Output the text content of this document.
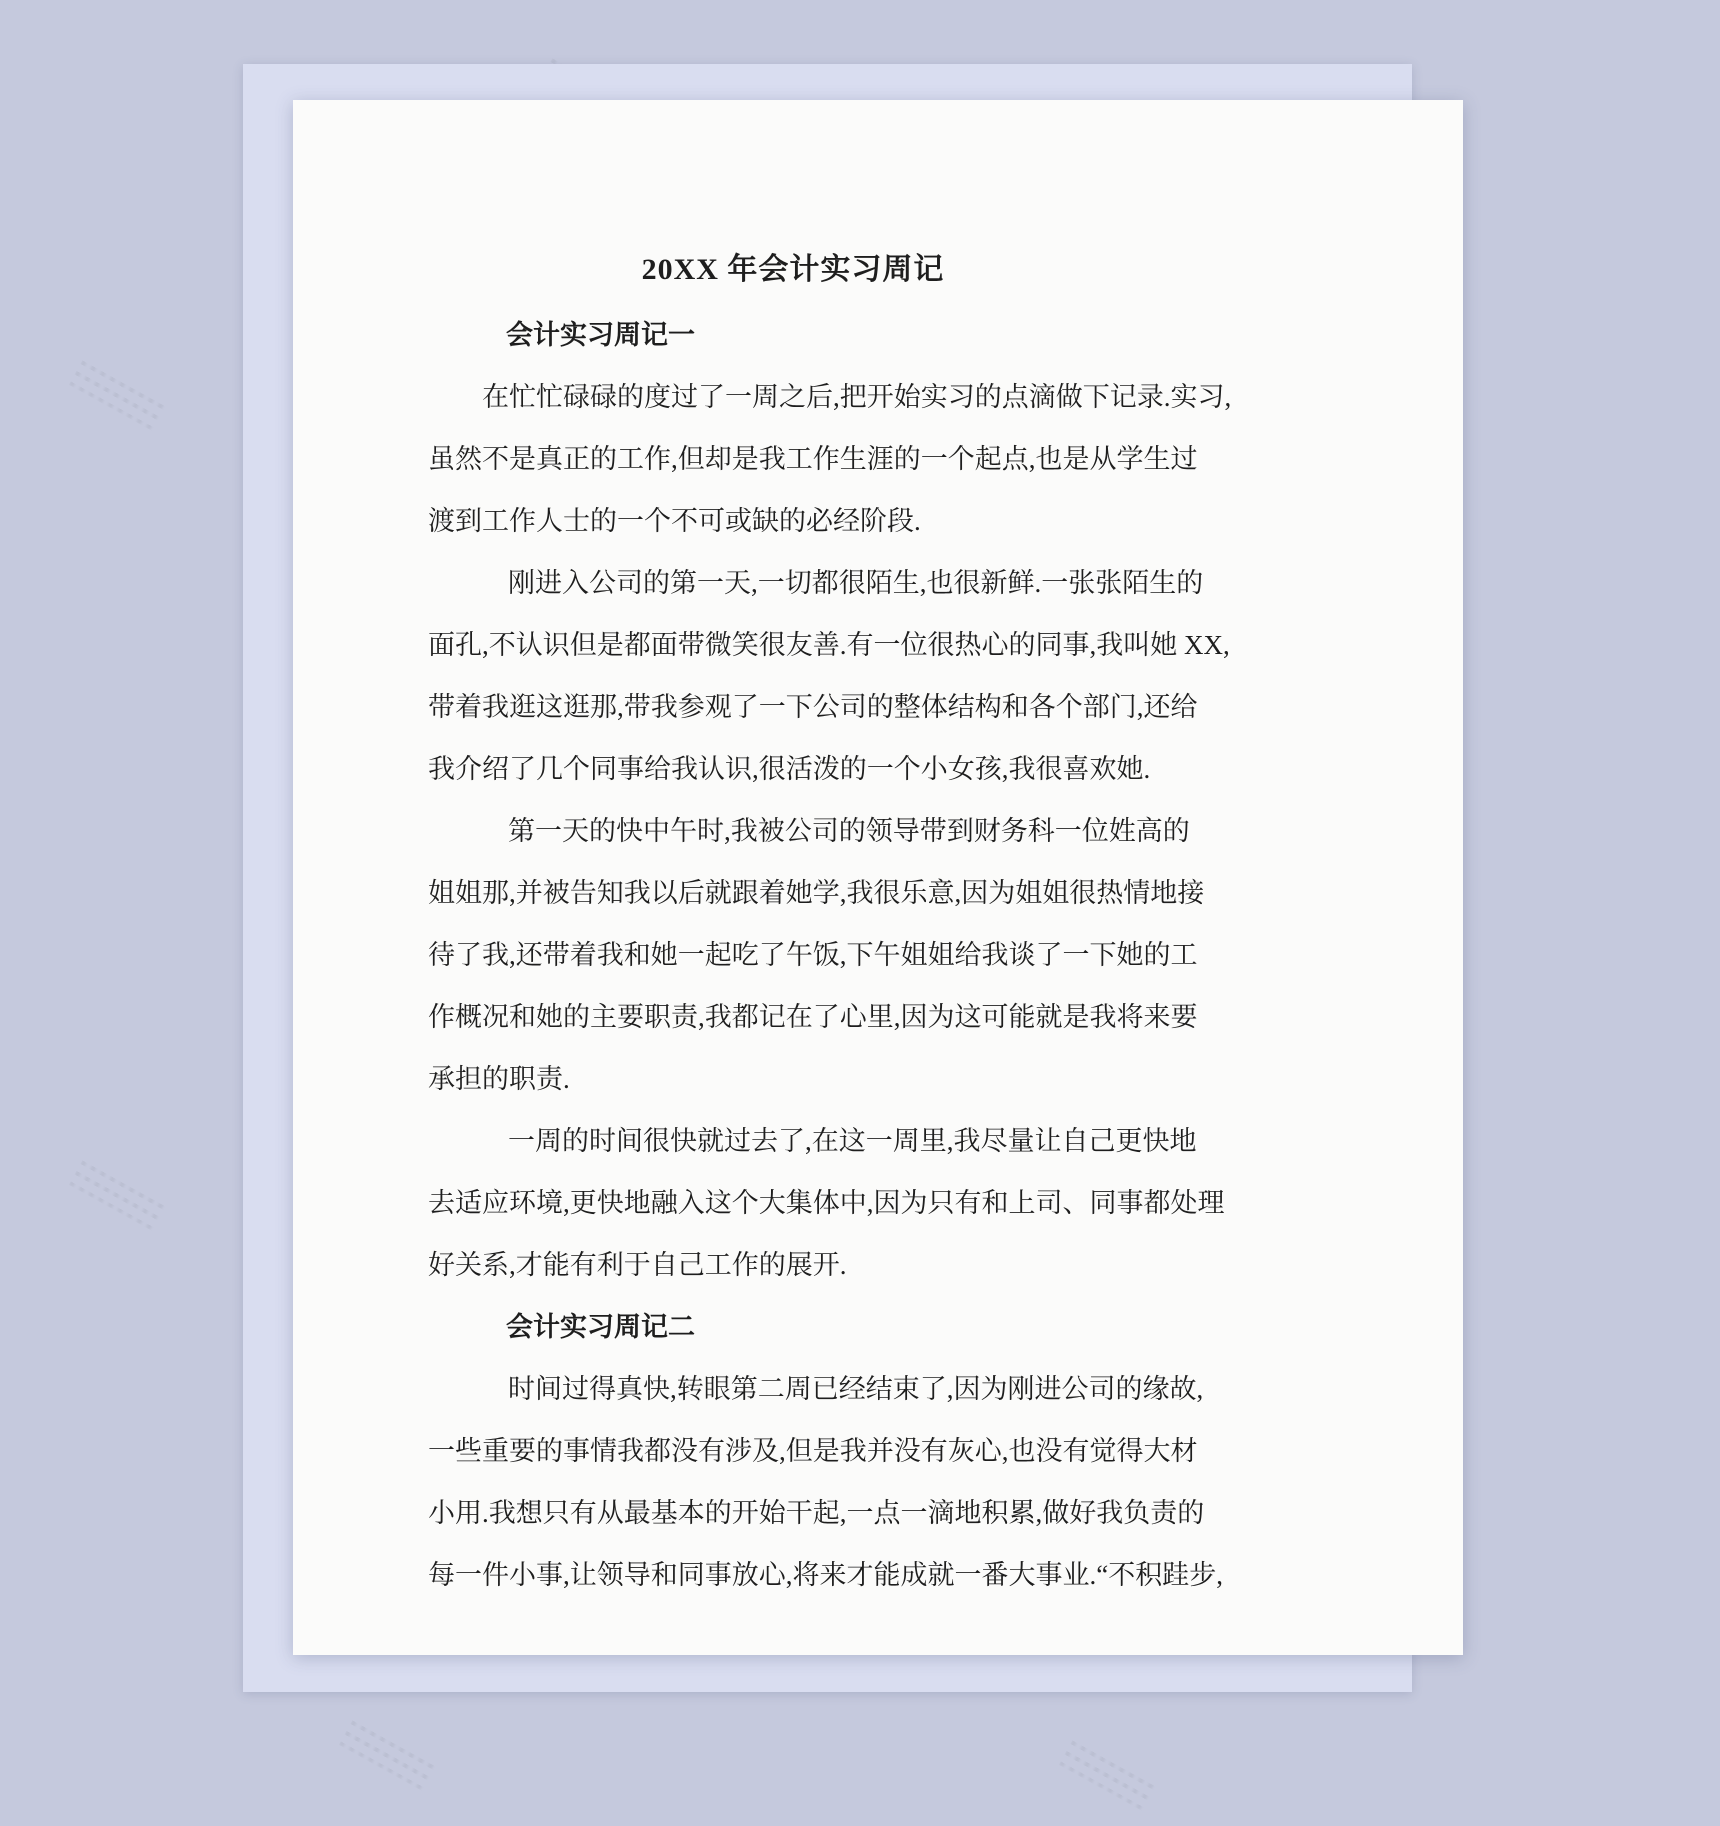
20XX 年会计实习周记
会计实习周记一
在忙忙碌碌的度过了一周之后,把开始实习的点滴做下记录.实习,
虽然不是真正的工作,但却是我工作生涯的一个起点,也是从学生过
渡到工作人士的一个不可或缺的必经阶段.
刚进入公司的第一天,一切都很陌生,也很新鲜.一张张陌生的
面孔,不认识但是都面带微笑很友善.有一位很热心的同事,我叫她 XX,
带着我逛这逛那,带我参观了一下公司的整体结构和各个部门,还给
我介绍了几个同事给我认识,很活泼的一个小女孩,我很喜欢她.
第一天的快中午时,我被公司的领导带到财务科一位姓高的
姐姐那,并被告知我以后就跟着她学,我很乐意,因为姐姐很热情地接
待了我,还带着我和她一起吃了午饭,下午姐姐给我谈了一下她的工
作概况和她的主要职责,我都记在了心里,因为这可能就是我将来要
承担的职责.
一周的时间很快就过去了,在这一周里,我尽量让自己更快地
去适应环境,更快地融入这个大集体中,因为只有和上司、同事都处理
好关系,才能有利于自己工作的展开.
会计实习周记二
时间过得真快,转眼第二周已经结束了,因为刚进公司的缘故,
一些重要的事情我都没有涉及,但是我并没有灰心,也没有觉得大材
小用.我想只有从最基本的开始干起,一点一滴地积累,做好我负责的
每一件小事,让领导和同事放心,将来才能成就一番大事业.“不积跬步,
